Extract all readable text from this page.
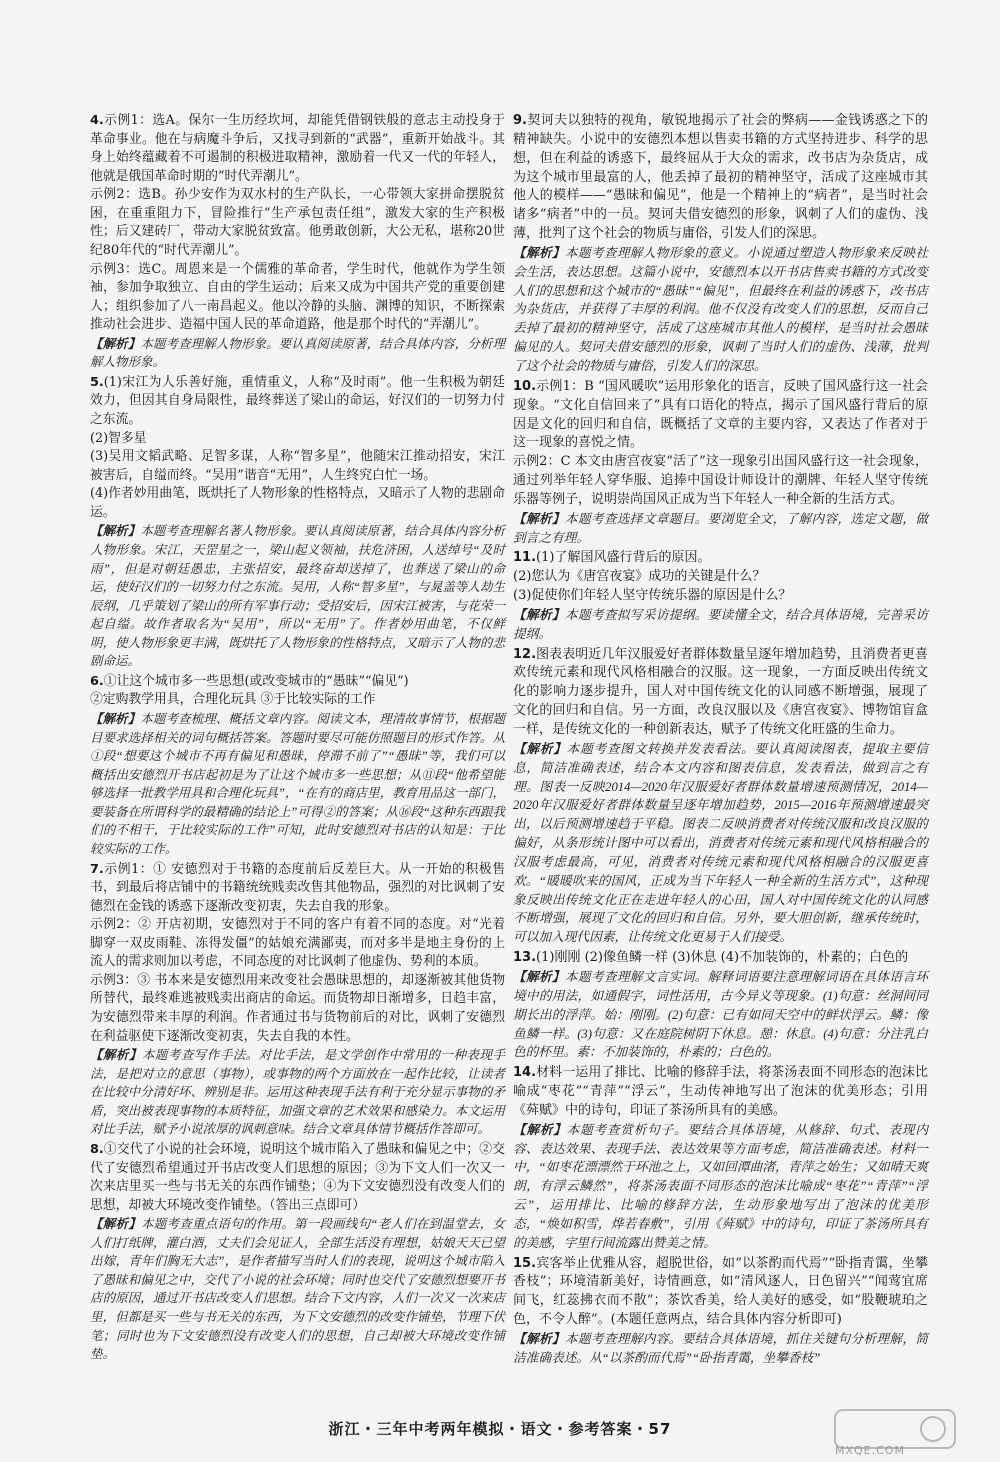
4.示例1：选A。保尔一生历经坎坷，却能凭借钢铁般的意志主动投身于革命事业。他在与病魔斗争后，又找寻到新的“武器”，重新开始战斗。其身上始终蕴藏着不可遏制的积极进取精神，激励着一代又一代的年轻人，他就是俄国革命时期的“时代弄潮儿”。

示例2：选B。孙少安作为双水村的生产队长，一心带领大家拼命摆脱贫困，在重重阻力下，冒险推行“生产承包责任组”，激发大家的生产积极性；后又建砖厂，带动大家脱贫致富。他勇敢创新，大公无私，堪称20世纪80年代的“时代弄潮儿”。

示例3：选C。周恩来是一个儒雅的革命者，学生时代，他就作为学生领袖，参加争取独立、自由的学生运动；后来又成为中国共产党的重要创建人；组织参加了八一南昌起义。他以冷静的头脑、渊博的知识，不断探索推动社会进步、造福中国人民的革命道路，他是那个时代的“弄潮儿”。

【解析】本题考查理解人物形象。要认真阅读原著，结合具体内容，分析理解人物形象。

5.(1)宋江为人乐善好施，重情重义，人称“及时雨”。他一生积极为朝廷效力，但因其自身局限性，最终葬送了梁山的命运，好汉们的一切努力付之东流。

(2)智多星

(3)吴用文韬武略、足智多谋，人称“智多星”，他随宋江推动招安，宋江被害后，自缢而终。“吴用”谐音“无用”，人生终究白忙一场。

(4)作者妙用曲笔，既烘托了人物形象的性格特点，又暗示了人物的悲剧命运。

【解析】本题考查理解名著人物形象。要认真阅读原著，结合具体内容分析人物形象。宋江，天罡星之一，梁山起义领袖，扶危济困，人送绰号“及时雨”，但是对朝廷愚忠，主张招安，最终奋却送掉了，也葬送了梁山的命运，使好汉们的一切努力付之东流。吴用，人称“智多星”，与晁盖等人劫生辰纲，几乎策划了梁山的所有军事行动；受招安后，因宋江被害，与花荣一起自缢。故作者取名为“吴用”，所以“无用”了。作者妙用曲笔，不仅鲜明，使人物形象更丰满，既烘托了人物形象的性格特点，又暗示了人物的悲剧命运。

6.①让这个城市多一些思想(或改变城市的“愚昧”“偏见”)

②定购教学用具，合理化玩具 ③于比较实际的工作

【解析】本题考查梳理、概括文章内容。阅读文本，理清故事情节，根据题目要求选择相关的词句概括答案。答题时要尽可能仿照题目的形式作答。从①段“想要这个城市不再有偏见和愚昧，停滞不前了”“愚昧”等，我们可以概括出安德烈开书店起初是为了让这个城市多一些思想；从⑪段“他希望能够选择一批教学用具和合理化玩具”，“在有的商店里，教育用品这一部门，要装备在所谓科学的最精确的结论上”可得②的答案；从⑯段“这种东西跟我们的不相干，于比较实际的工作”可知，此时安德烈对书店的认知是：于比较实际的工作。

7.示例1：① 安德烈对于书籍的态度前后反差巨大。从一开始的积极售书，到最后将店铺中的书籍统统贱卖改售其他物品，强烈的对比讽刺了安德烈在金钱的诱惑下逐渐改变初衷，失去自我的形象。

示例2：② 开店初期，安德烈对于不同的客户有着不同的态度。对“光着脚穿一双皮雨鞋、冻得发僵”的姑娘充满鄙夷，而对多半是地主身份的上流人的需求则加以考虑，不同态度的对比讽刺了他虚伪、势利的本质。

示例3：③ 书本来是安德烈用来改变社会愚昧思想的，却逐渐被其他货物所替代，最终难逃被贱卖出商店的命运。而货物却日渐增多，日趋丰富，为安德烈带来丰厚的利润。作者通过书与货物前后的对比，讽刺了安德烈在利益驱使下逐渐改变初衷，失去自我的本性。

【解析】本题考查写作手法。对比手法，是文学创作中常用的一种表现手法，是把对立的意思（事物），或事物的两个方面放在一起作比较，让读者在比较中分清好坏、辨别是非。运用这种表现手法有利于充分显示事物的矛盾，突出被表现事物的本质特征，加强文章的艺术效果和感染力。本文运用对比手法，赋予小说浓厚的讽刺意味。结合文章具体情节概括作答即可。

8.①交代了小说的社会环境，说明这个城市陷入了愚昧和偏见之中；②交代了安德烈希望通过开书店改变人们思想的原因；③为下文人们一次又一次来店里买一些与书无关的东西作铺垫；④为下文安德烈没有改变人们的思想，却被大环境改变作铺垫。（答出三点即可）

【解析】本题考查重点语句的作用。第一段画线句“老人们在到温堂去，女人们打纸牌，灌白酒，丈夫们会见证人，全部生活没有理想，姑娘天天已望出嫁，青年们胸无大志”，是作者描写当时人们的表现，说明这个城市陷入了愚昧和偏见之中，交代了小说的社会环境；同时也交代了安德烈想要开书店的原因，通过开书店改变人们思想。结合下文内容，人们一次又一次来店里，但都是买一些与书无关的东西，为下文安德烈的改变作铺垫，节理下伏笔；同时也为下文安德烈没有改变人们的思想，自己却被大环境改变作铺垫。

9.契诃夫以独特的视角，敏锐地揭示了社会的弊病——金钱诱惑之下的精神缺失。小说中的安德烈本想以售卖书籍的方式坚持进步、科学的思想，但在利益的诱惑下，最终屈从于大众的需求，改书店为杂货店，成为这个城市里最富的人，他丢掉了最初的精神坚守，活成了这座城市其他人的模样——“愚昧和偏见”，他是一个精神上的“病者”，是当时社会诸多“病者”中的一员。契诃夫借安德烈的形象，讽刺了人们的虚伪、浅薄，批判了这个社会的物质与庸俗，引发人们的深思。

【解析】本题考查理解人物形象的意义。小说通过塑造人物形象来反映社会生活，表达思想。这篇小说中，安德烈本以开书店售卖书籍的方式改变人们的思想和这个城市的“愚昧”“偏见”，但最终在利益的诱惑下，改书店为杂货店，并获得了丰厚的利润。他不仅没有改变人们的思想，反而自己丢掉了最初的精神坚守，活成了这座城市其他人的模样，是当时社会愚昧偏见的人。契诃夫借安德烈的形象，讽刺了当时人们的虚伪、浅薄，批判了这个社会的物质与庸俗，引发人们的深思。

10.示例1：B “国风暖吹”运用形象化的语言，反映了国风盛行这一社会现象。“文化自信回来了”具有口语化的特点，揭示了国风盛行背后的原因是文化的回归和自信，既概括了文章的主要内容，又表达了作者对于这一现象的喜悦之情。

示例2：C 本文由唐宫夜宴“活了”这一现象引出国风盛行这一社会现象，通过列举年轻人穿华服、追捧中国设计师设计的潮牌、年轻人坚守传统乐器等例子，说明崇尚国风正成为当下年轻人一种全新的生活方式。

【解析】本题考查选择文章题目。要浏览全文，了解内容，选定文题，做到言之有理。

11.(1)了解国风盛行背后的原因。

(2)您认为《唐宫夜宴》成功的关键是什么？

(3)促使你们年轻人坚守传统乐器的原因是什么？

【解析】本题考查拟写采访提纲。要读懂全文，结合具体语境，完善采访提纲。

12.图表表明近几年汉服爱好者群体数量呈逐年增加趋势，且消费者更喜欢传统元素和现代风格相融合的汉服。这一现象，一方面反映出传统文化的影响力逐步提升，国人对中国传统文化的认同感不断增强，展现了文化的回归和自信。另一方面，改良汉服以及《唐宫夜宴》、博物馆盲盒一样，是传统文化的一种创新表达，赋予了传统文化旺盛的生命力。

【解析】本题考查图文转换并发表看法。要认真阅读图表，提取主要信息，简洁准确表述，结合本文内容和图表信息，发表看法，做到言之有理。图表一反映2014—2020年汉服爱好者群体数量增速预测情况，2014—2020年汉服爱好者群体数量呈逐年增加趋势，2015—2016年预测增速最突出，以后预测增速趋于平稳。图表二反映消费者对传统汉服和改良汉服的偏好，从条形统计图中可以看出，消费者对传统元素和现代风格相融合的汉服考虑最高，可见，消费者对传统元素和现代风格相融合的汉服更喜欢。“暖暖吹来的国风，正成为当下年轻人一种全新的生活方式”，这种现象反映出传统文化正在走进年轻人的心田，国人对中国传统文化的认同感不断增强，展现了文化的回归和自信。另外，要大胆创新，继承传统时，可以加入现代因素，让传统文化更易于人们接受。

13.(1)刚刚 (2)像鱼鳞一样 (3)休息 (4)不加装饰的，朴素的；白色的

【解析】本题考查理解文言实词。解释词语要注意理解词语在具体语言环境中的用法，如通假字，词性活用，古今异义等现象。(1)句意：丝洞间同期长出的浮萍。始：刚刚。(2)句意：已有如同天空中的鲜状浮云。鳞：像鱼鳞一样。(3)句意：又在庭院树阴下休息。憩：休息。(4)句意：分注乳白色的杯里。素：不加装饰的，朴素的；白色的。

14.材料一运用了排比、比喻的修辞手法，将茶汤表面不同形态的泡沫比喻成“枣花”“青萍”“浮云”，生动传神地写出了泡沫的优美形态；引用《荈赋》中的诗句，印证了茶汤所具有的美感。

【解析】本题考查赏析句子。要结合具体语境，从修辞、句式、表现内容、表达效果、表现手法、表达效果等方面考虑，简洁准确表述。材料一中，“如枣花漂漂然于环池之上，又如回潭曲渚，青萍之始生；又如晴天爽朗，有浮云鳞然”，将茶汤表面不同形态的泡沫比喻成“枣花”“青萍”“浮云”，运用排比、比喻的修辞方法，生动形象地写出了泡沫的优美形态，“焕如积雪，烨若春敷”，引用《荈赋》中的诗句，印证了茶汤所具有的美感，字里行间流露出赞美之情。

15.宾客举止优雅从容，超脱世俗，如“以茶酌而代焉”“卧指青霭，坐攀香枝”；环境清新美好，诗情画意，如“清风逐人，日色留兴”“闻莺宜席间飞，红蕊拂衣而不散”；茶饮香美，给人美好的感受，如“股鞭琥珀之色，不令人醉”。(本题任意两点，结合具体内容分析即可)

【解析】本题考查理解内容。要结合具体语境，抓住关键句分析理解，简洁准确表述。从“以茶酌而代焉”“卧指青霭，坐攀香枝”

浙江・三年中考两年模拟・语文・参考答案・57
MXQE.COM
